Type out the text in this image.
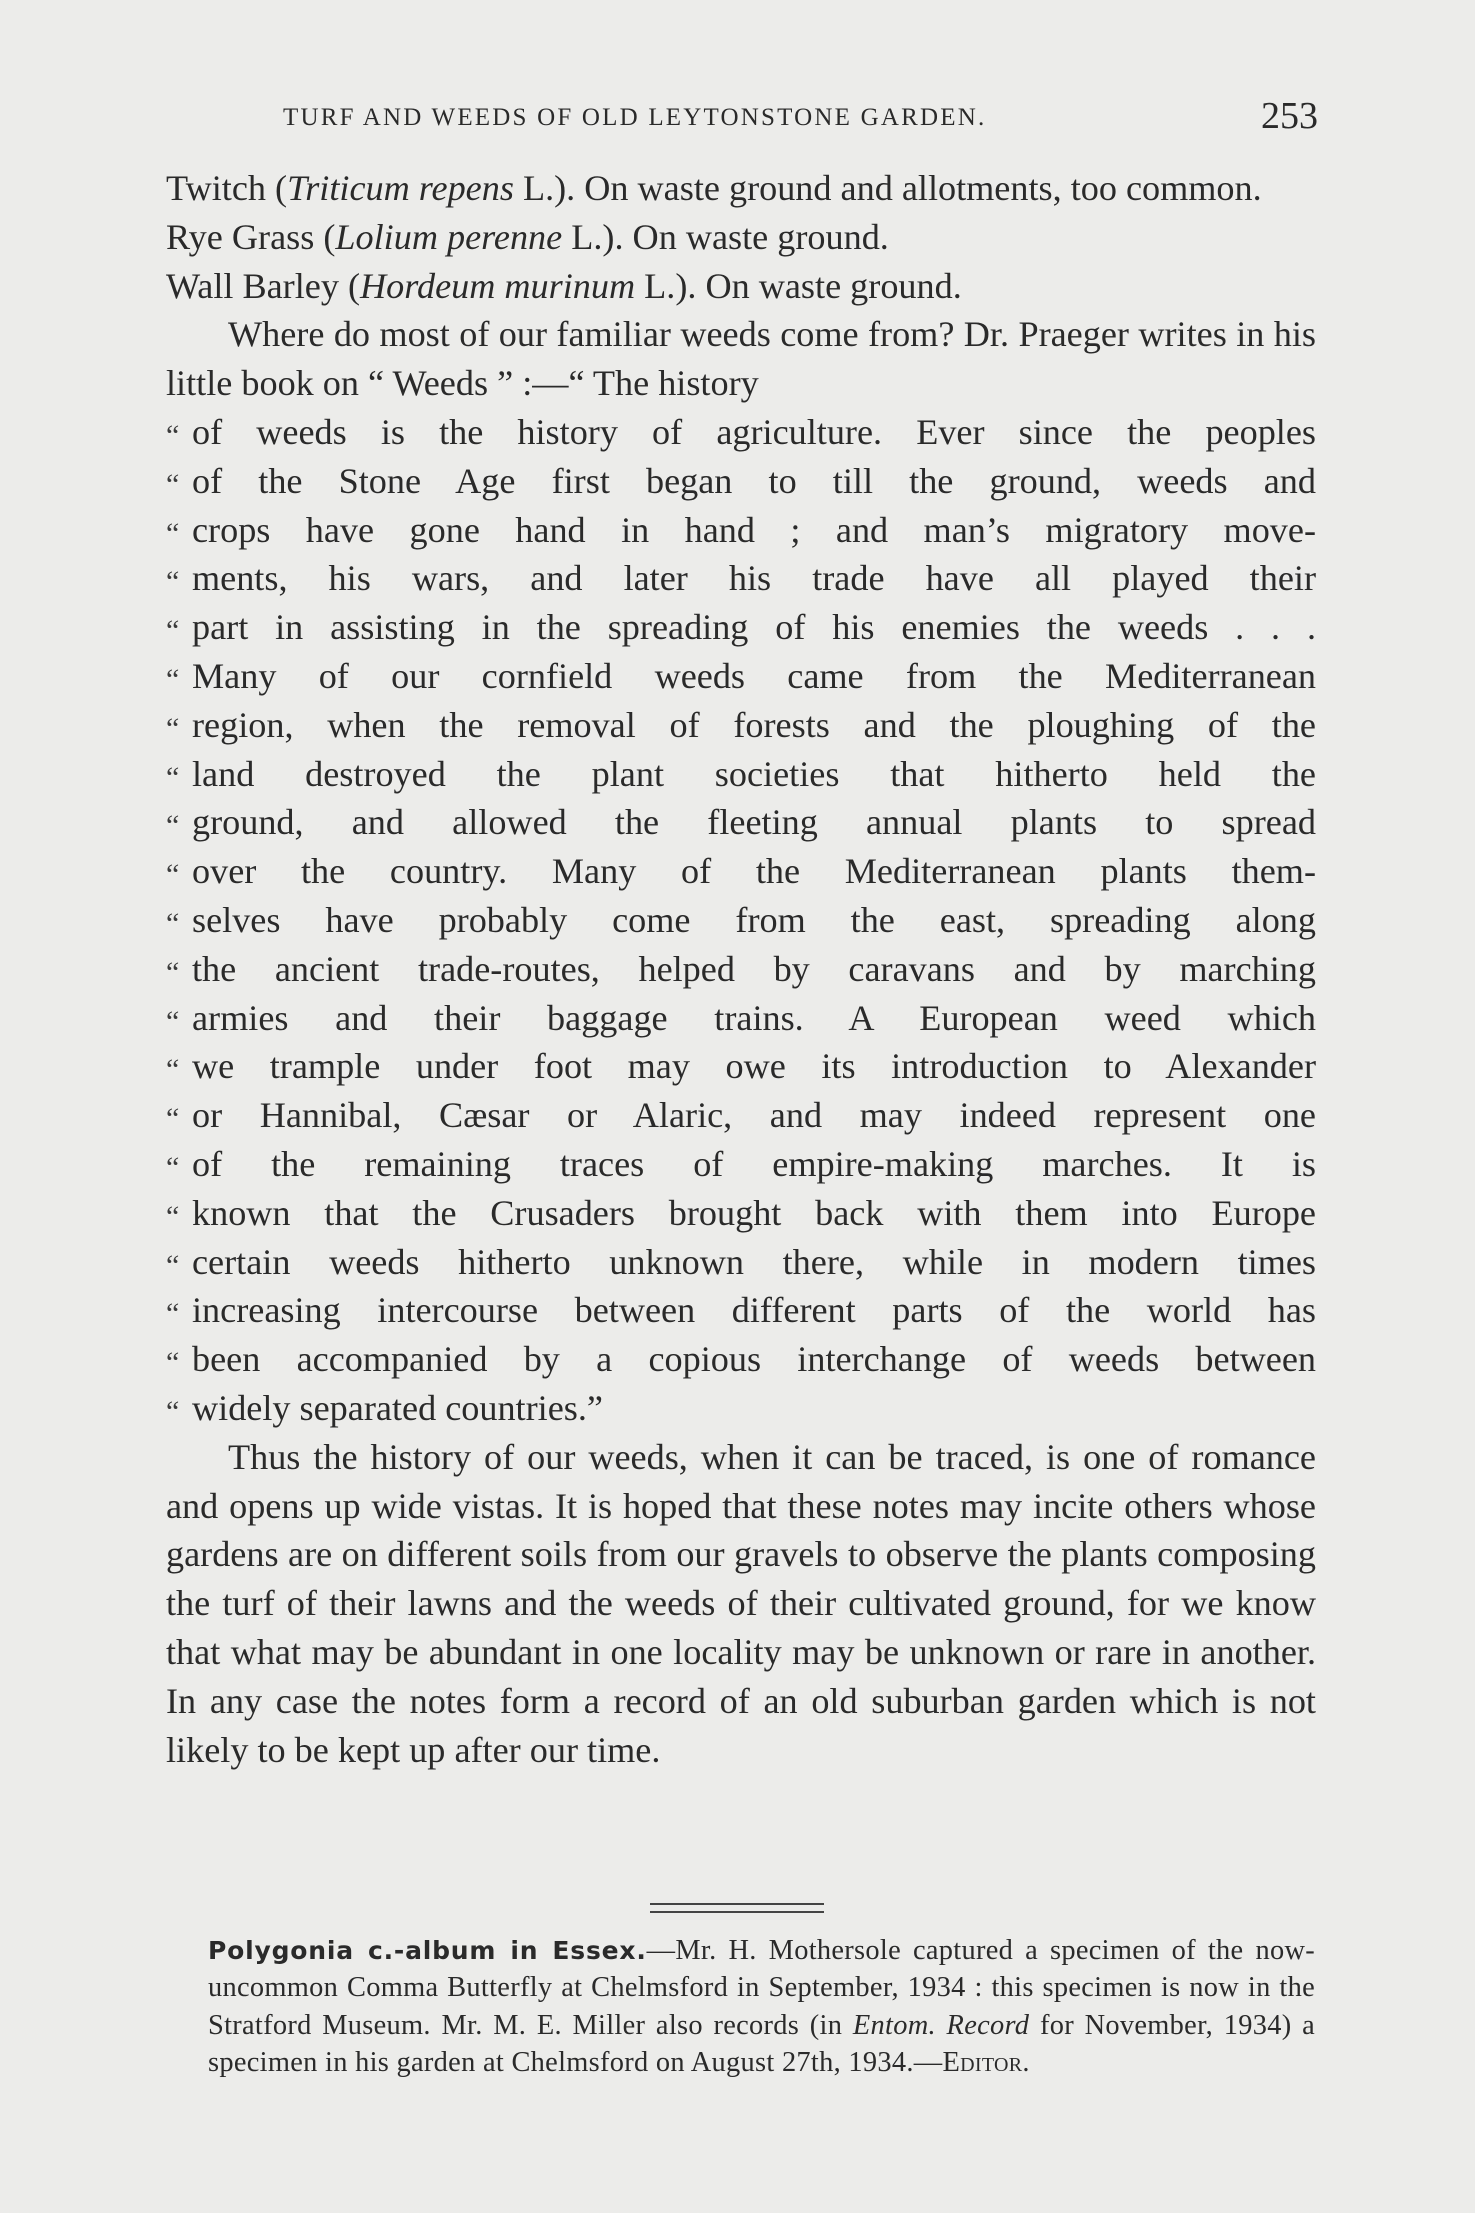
TURF AND WEEDS OF OLD LEYTONSTONE GARDEN.	253

Twitch (Triticum repens L.). On waste ground and allotments, too common.

Rye Grass (Lolium perenne L.). On waste ground.

Wall Barley (Hordeum murinum L.). On waste ground.

Where do most of our familiar weeds come from? Dr. Praeger writes in his little book on “ Weeds ” :—“ The history

“
“
“
“
“
“
“
“
“
“
“
“
“
“
“
“
“
“
“
“
“

of weeds is the history of agriculture. Ever since the peoples

of the Stone Age first began to till the ground, weeds and

crops have gone hand in hand ; and man’s migratory move-

ments, his wars, and later his trade have all played their

part in assisting in the spreading of his enemies the weeds . . .

Many of our cornfield weeds came from the Mediterranean

region, when the removal of forests and the ploughing of the

land destroyed the plant societies that hitherto held the

ground, and allowed the fleeting annual plants to spread

over the country. Many of the Mediterranean plants them-

selves have probably come from the east, spreading along

the ancient trade-routes, helped by caravans and by marching

armies and their baggage trains. A European weed which

we trample under foot may owe its introduction to Alexander

or Hannibal, Cæsar or Alaric, and may indeed represent one

of the remaining traces of empire-making marches. It is

known that the Crusaders brought back with them into Europe

certain weeds hitherto unknown there, while in modern times

increasing intercourse between different parts of the world has

been accompanied by a copious interchange of weeds between

widely separated countries.”

Thus the history of our weeds, when it can be traced, is one of romance and opens up wide vistas. It is hoped that these notes may incite others whose gardens are on different soils from our gravels to observe the plants composing the turf of their lawns and the weeds of their cultivated ground, for we know that what may be abundant in one locality may be unknown or rare in another. In any case the notes form a record of an old suburban garden which is not likely to be kept up after our time.

Polygonia c.-album in Essex.—Mr. H. Mothersole captured a specimen of the now-uncommon Comma Butterfly at Chelmsford in September, 1934 : this specimen is now in the Stratford Museum. Mr. M. E. Miller also records (in Entom. Record for November, 1934) a specimen in his garden at Chelmsford on August 27th, 1934.—Editor.
